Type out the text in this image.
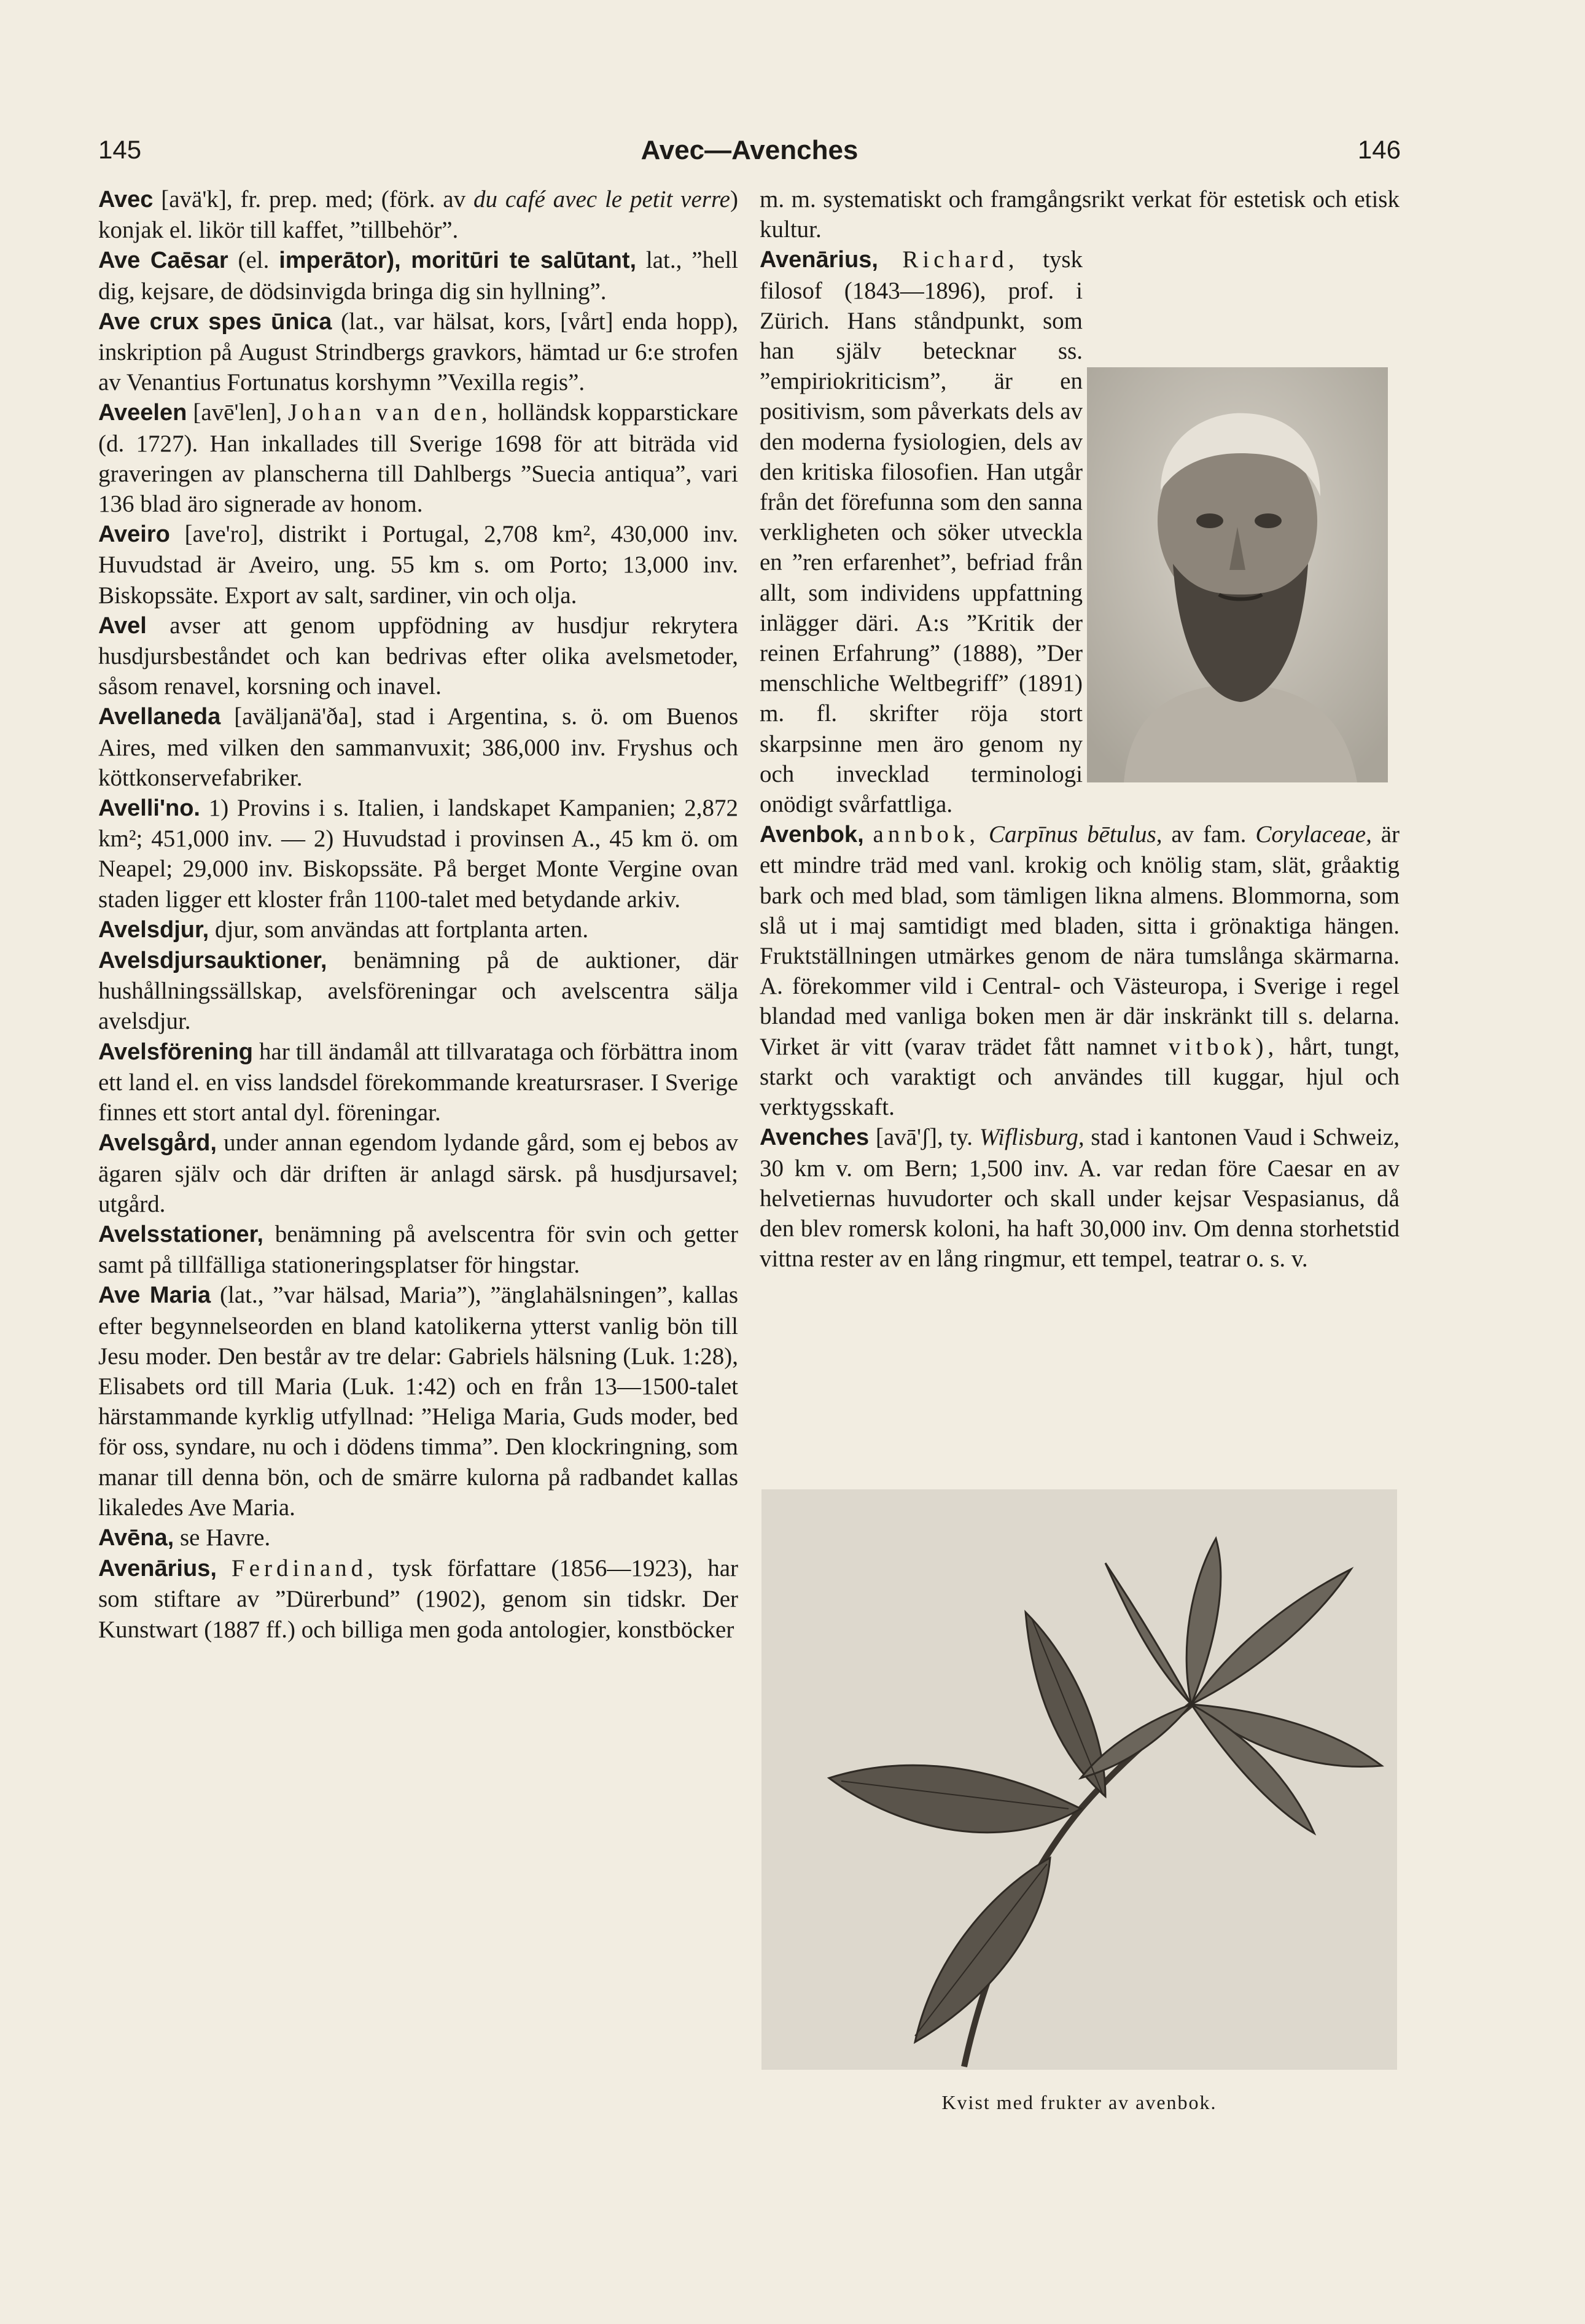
145	Avec—Avenches	146

Avec [avä'k], fr. prep. med; (förk. av du café avec le petit verre) konjak el. likör till kaffet, ”tillbehör”.

Ave Caēsar (el. imperātor), moritūri te salūtant, lat., ”hell dig, kejsare, de dödsinvigda bringa dig sin hyllning”.

Ave crux spes ūnica (lat., var hälsat, kors, [vårt] enda hopp), inskription på August Strindbergs gravkors, hämtad ur 6:e strofen av Venantius Fortunatus korshymn ”Vexilla regis”.

Aveelen [avē'len], Johan van den, holländsk kopparstickare (d. 1727). Han inkallades till Sverige 1698 för att biträda vid graveringen av planscherna till Dahlbergs ”Suecia antiqua”, vari 136 blad äro signerade av honom.

Aveiro [ave'ro], distrikt i Portugal, 2,708 km², 430,000 inv. Huvudstad är Aveiro, ung. 55 km s. om Porto; 13,000 inv. Biskopssäte. Export av salt, sardiner, vin och olja.

Avel avser att genom uppfödning av husdjur rekrytera husdjursbeståndet och kan bedrivas efter olika avelsmetoder, såsom renavel, korsning och inavel.

Avellaneda [aväljanä'ðа], stad i Argentina, s. ö. om Buenos Aires, med vilken den sammanvuxit; 386,000 inv. Fryshus och köttkonservefabriker.

Avelli'no. 1) Provins i s. Italien, i landskapet Kampanien; 2,872 km²; 451,000 inv. — 2) Huvudstad i provinsen A., 45 km ö. om Neapel; 29,000 inv. Biskopssäte. På berget Monte Vergine ovan staden ligger ett kloster från 1100-talet med betydande arkiv.

Avelsdjur, djur, som användas att fortplanta arten.

Avelsdjursauktioner, benämning på de auktioner, där hushållningssällskap, avelsföreningar och avelscentra sälja avelsdjur.

Avelsförening har till ändamål att tillvaratagа och förbättra inom ett land el. en viss landsdel förekommande kreatursraser. I Sverige finnes ett stort antal dyl. föreningar.

Avelsgård, under annan egendom lydande gård, som ej bebos av ägaren själv och där driften är anlagd särsk. på husdjursavel; utgård.

Avelsstationer, benämning på avelscentra för svin och getter samt på tillfälliga stationeringsplatser för hingstar.

Ave Maria (lat., ”var hälsad, Maria”), ”änglahälsningen”, kallas efter begynnelseorden en bland katolikerna ytterst vanlig bön till Jesu moder. Den består av tre delar: Gabriels hälsning (Luk. 1:28), Elisabets ord till Maria (Luk. 1:42) och en från 13—1500-talet härstammande kyrklig utfyllnad: ”Heliga Maria, Guds moder, bed för oss, syndare, nu och i dödens timma”. Den klockringning, som manar till denna bön, och de smärre kulorna på radbandet kallas likaledes Ave Maria.

Avēna, se Havre.

Avenārius, Ferdinand, tysk författare (1856—1923), har som stiftare av ”Dürerbund” (1902), genom sin tidskr. Der Kunstwart (1887 ff.) och billiga men goda antologier, konstböcker

m. m. systematiskt och framgångsrikt verkat för estetisk och etisk kultur.

Avenārius, Richard, tysk filosof (1843—1896), prof. i Zürich. Hans ståndpunkt, som han själv betecknar ss. ”empiriokriticism”, är en positivism, som påverkats dels av den moderna fysiologien, dels av den kritiska filosofien. Han utgår från det förefunna som den sanna verkligheten och söker utveckla en ”ren erfarenhet”, befriad från allt, som individens uppfattning inlägger däri. A:s ”Kritik der reinen Erfahrung” (1888), ”Der menschliche Weltbegriff” (1891) m. fl. skrifter röja stort skarpsinne men äro genom ny och invecklad terminologi onödigt svårfattliga.

Avenbok, annbok, Carpīnus bētulus, av fam. Corylaceae, är ett mindre träd med vanl. krokig och knölig stam, slät, gråaktig bark och med blad, som tämligen likna almens. Blommorna, som slå ut i maj samtidigt med bladen, sitta i grönaktiga hängen. Fruktställningen utmärkes genom de nära tumslånga skärmarna. A. förekommer vild i Central- och Västeuropa, i Sverige i regel blandad med vanliga boken men är där inskränkt till s. delarna. Virket är vitt (varav trädet fått namnet vitbok), hårt, tungt, starkt och varaktigt och användes till kuggar, hjul och verktygsskaft.

Avenches [avā'ʃ], ty. Wiflisburg, stad i kantonen Vaud i Schweiz, 30 km v. om Bern; 1,500 inv. A. var redan före Caesar en av helvetiernas huvudorter och skall under kejsar Vespasianus, då den blev romersk koloni, ha haft 30,000 inv. Om denna storhetstid vittna rester av en lång ringmur, ett tempel, teatrar o. s. v.

Kvist med frukter av avenbok.
